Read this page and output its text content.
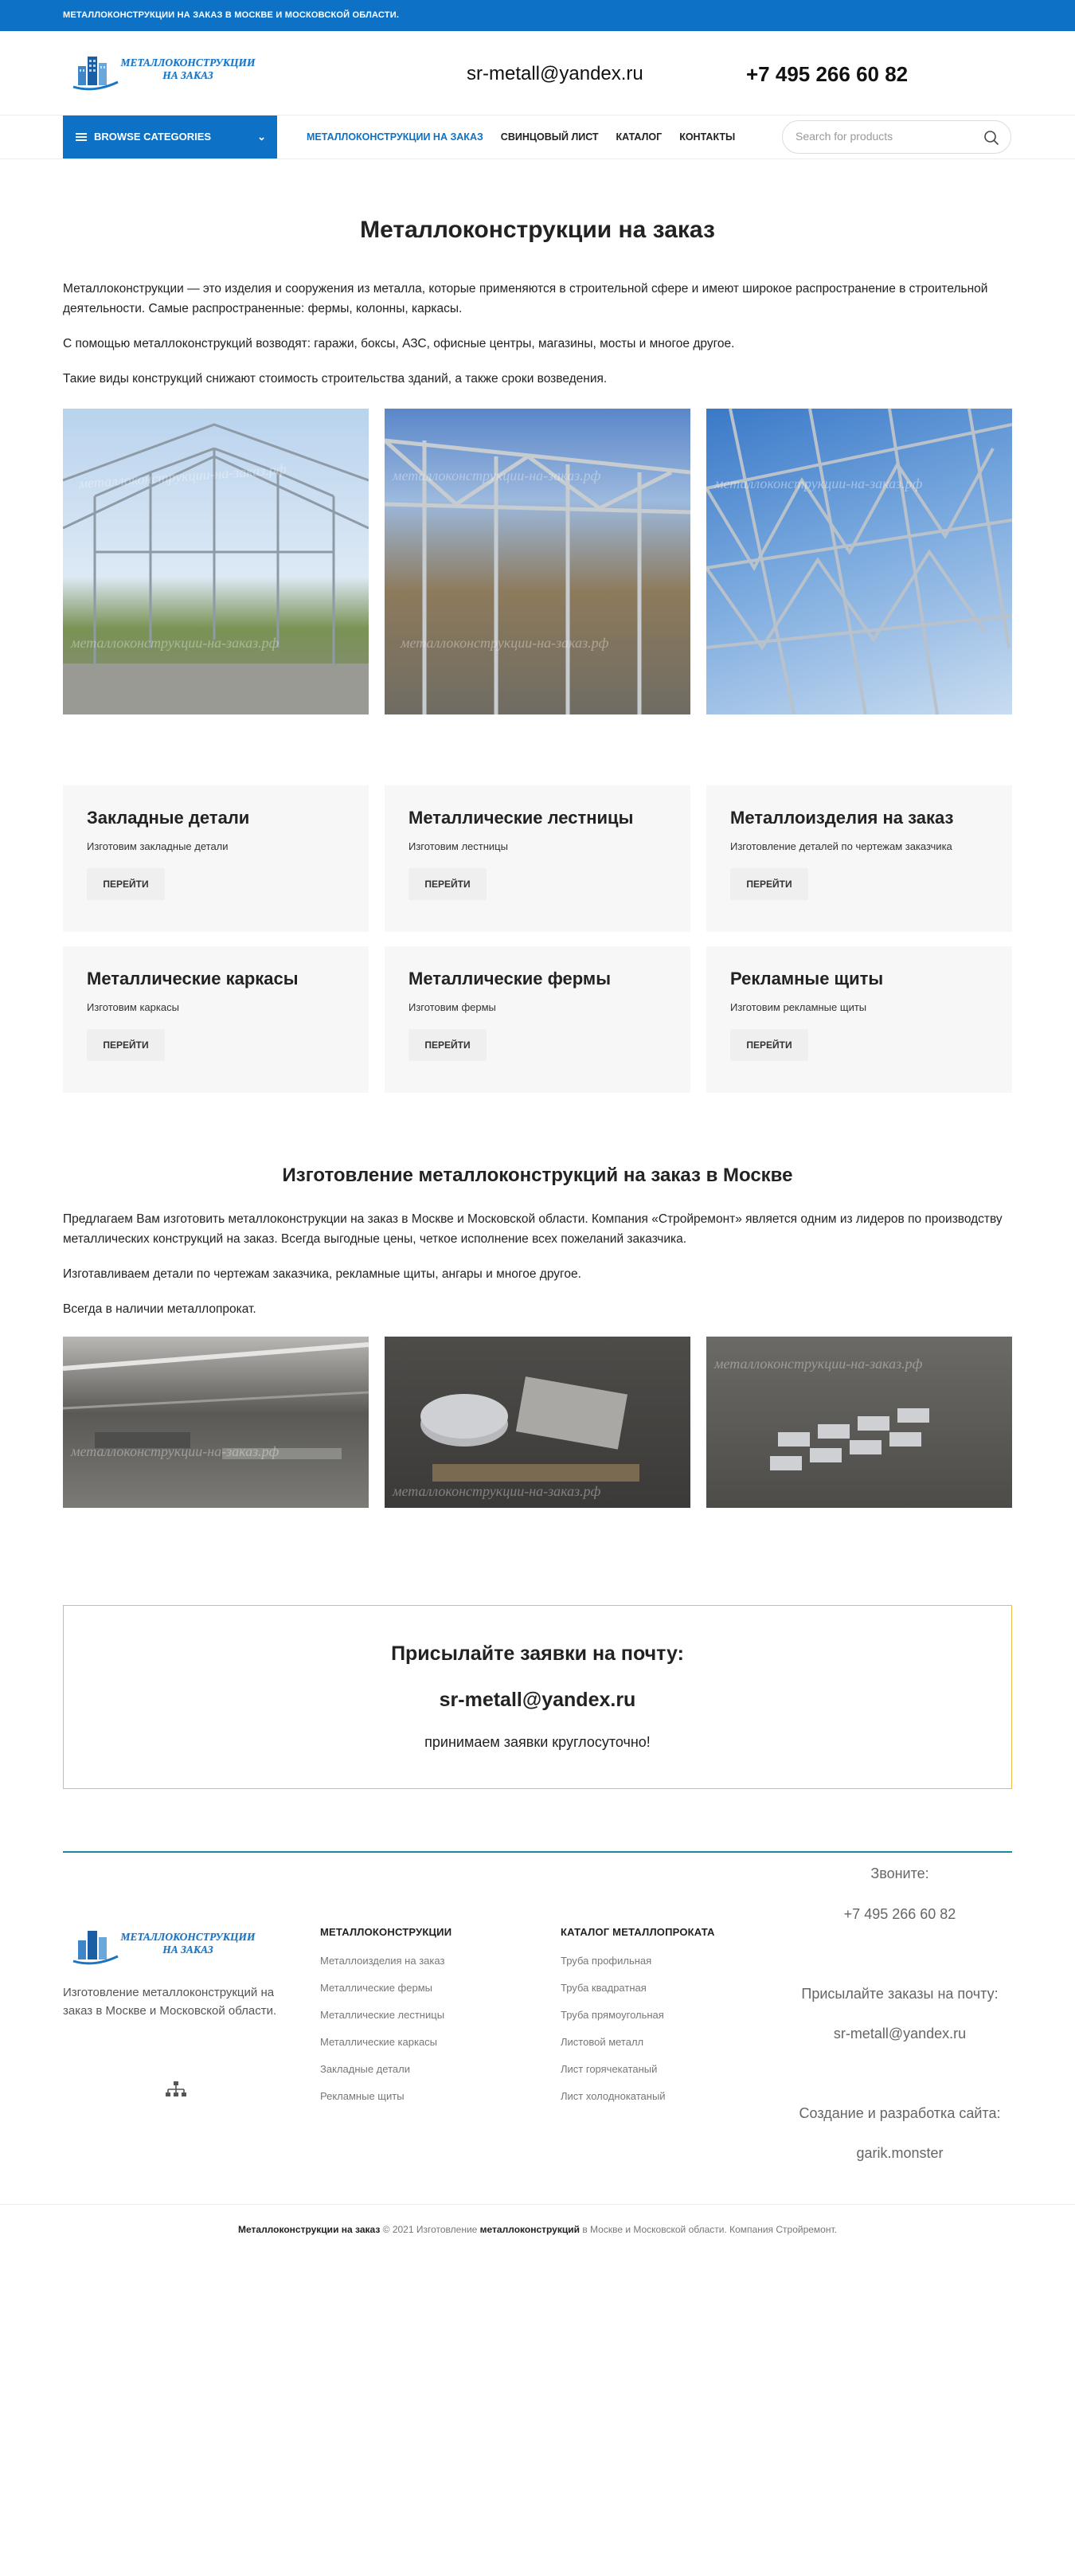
МЕТАЛЛОКОНСТРУКЦИИ НА ЗАКАЗ В МОСКВЕ И МОСКОВСКОЙ ОБЛАСТИ.
МЕТАЛЛОКОНСТРУКЦИИ
НА ЗАКАЗ	sr-metall@yandex.ru	+7 495 266 60 82
BROWSE CATEGORIES	⌄	МЕТАЛЛОКОНСТРУКЦИИ НА ЗАКАЗ СВИНЦОВЫЙ ЛИСТ КАТАЛОГ КОНТАКТЫ
Search for products
Металлоконструкции на заказ

Металлоконструкции — это изделия и сооружения из металла, которые применяются в строительной сфере и имеют широкое распространение в строительной деятельности. Самые распространенные: фермы, колонны, каркасы.

С помощью металлоконструкций возводят: гаражи, боксы, АЗС, офисные центры, магазины, мосты и многое другое.

Такие виды конструкций снижают стоимость строительства зданий, а также сроки возведения.

металлоконструкции-на-заказ.рф
металлоконструкции-на-заказ.рф
металлоконструкции-на-заказ.рф
металлоконструкции-на-заказ.рф
металлоконструкции-на-заказ.рф
Закладные детали
Изготовим закладные детали
ПЕРЕЙТИ
Металлические лестницы
Изготовим лестницы
ПЕРЕЙТИ
Металлоизделия на заказ
Изготовление деталей по чертежам заказчика
ПЕРЕЙТИ
Металлические каркасы
Изготовим каркасы
ПЕРЕЙТИ
Металлические фермы
Изготовим фермы
ПЕРЕЙТИ
Рекламные щиты
Изготовим рекламные щиты
ПЕРЕЙТИ
Изготовление металлоконструкций на заказ в Москве

Предлагаем Вам изготовить металлоконструкции на заказ в Москве и Московской области. Компания «Стройремонт» является одним из лидеров по производству металлических конструкций на заказ. Всегда выгодные цены, четкое исполнение всех пожеланий заказчика.

Изготавливаем детали по чертежам заказчика, рекламные щиты, ангары и многое другое.

Всегда в наличии металлопрокат.

металлоконструкции-на-заказ.рф
металлоконструкции-на-заказ.рф
металлоконструкции-на-заказ.рф
Присылайте заявки на почту:
sr-metall@yandex.ru
принимаем заявки круглосуточно!
МЕТАЛЛОКОНСТРУКЦИИ
НА ЗАКАЗ
Изготовление металлоконструкций на заказ в Москве и Московской области.
МЕТАЛЛОКОНСТРУКЦИИ
Металлоизделия на заказ
Металлические фермы
Металлические лестницы
Металлические каркасы
Закладные детали
Рекламные щиты
КАТАЛОГ МЕТАЛЛОПРОКАТА
Труба профильная
Труба квадратная
Труба прямоугольная
Листовой металл
Лист горячекатаный
Лист холоднокатаный
Звоните:
+7 495 266 60 82
Присылайте заказы на почту:
sr-metall@yandex.ru
Создание и разработка сайта:
garik.monster
Металлоконструкции на заказ © 2021 Изготовление металлоконструкций в Москве и Московской области. Компания Стройремонт.
